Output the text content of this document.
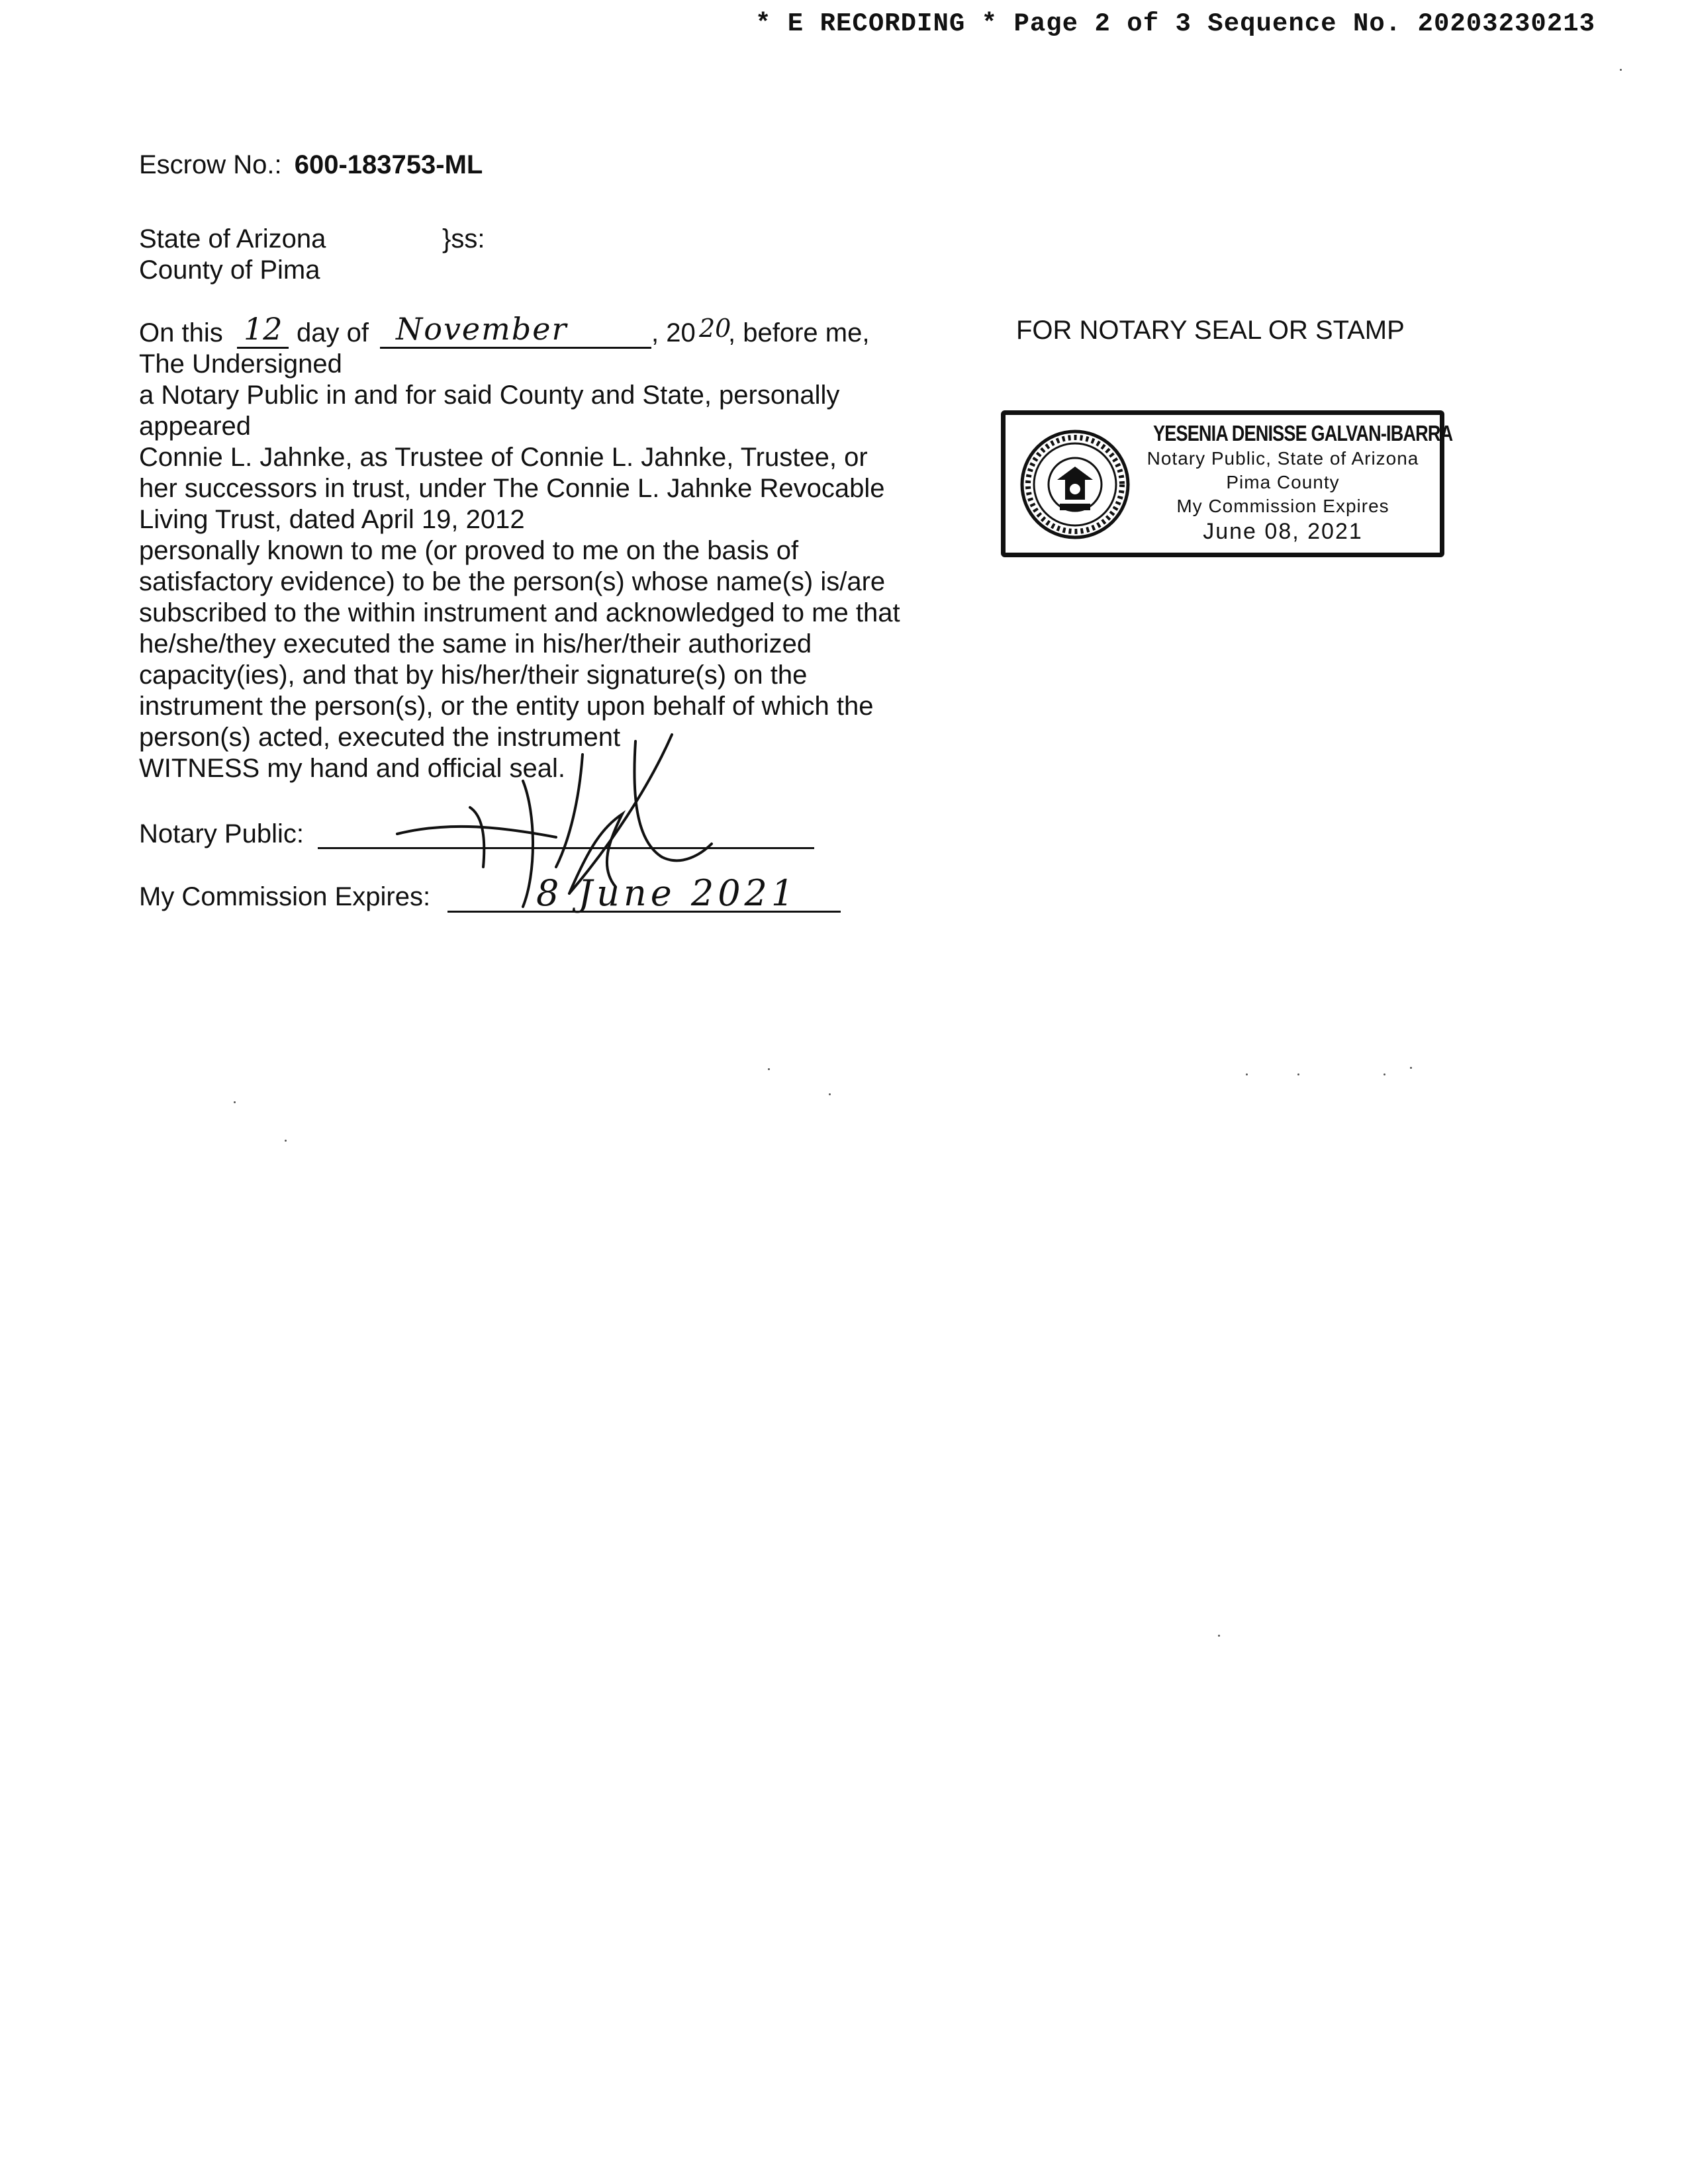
* E RECORDING * Page 2 of 3 Sequence No. 20203230213
Escrow No.: 600-183753-ML
State of Arizona	}ss:
County of Pima
On this 12 day of November	, 20 20
, before me,
The Undersigned
a Notary Public in and for said County and State, personally
appeared
Connie L. Jahnke, as Trustee of Connie L. Jahnke, Trustee, or
her successors in trust, under The Connie L. Jahnke Revocable
Living Trust, dated April 19, 2012
personally known to me (or proved to me on the basis of
satisfactory evidence) to be the person(s) whose name(s) is/are
subscribed to the within instrument and acknowledged to me that
he/she/they executed the same in his/her/their authorized
capacity(ies), and that by his/her/their signature(s) on the
instrument the person(s), or the entity upon behalf of which the
person(s) acted, executed the instrument
WITNESS my hand and official seal.
Notary Public:
My Commission Expires:	8 June 2021
FOR NOTARY SEAL OR STAMP
YESENIA DENISSE GALVAN-IBARRA
Notary Public, State of Arizona
Pima County
My Commission Expires
June 08, 2021
